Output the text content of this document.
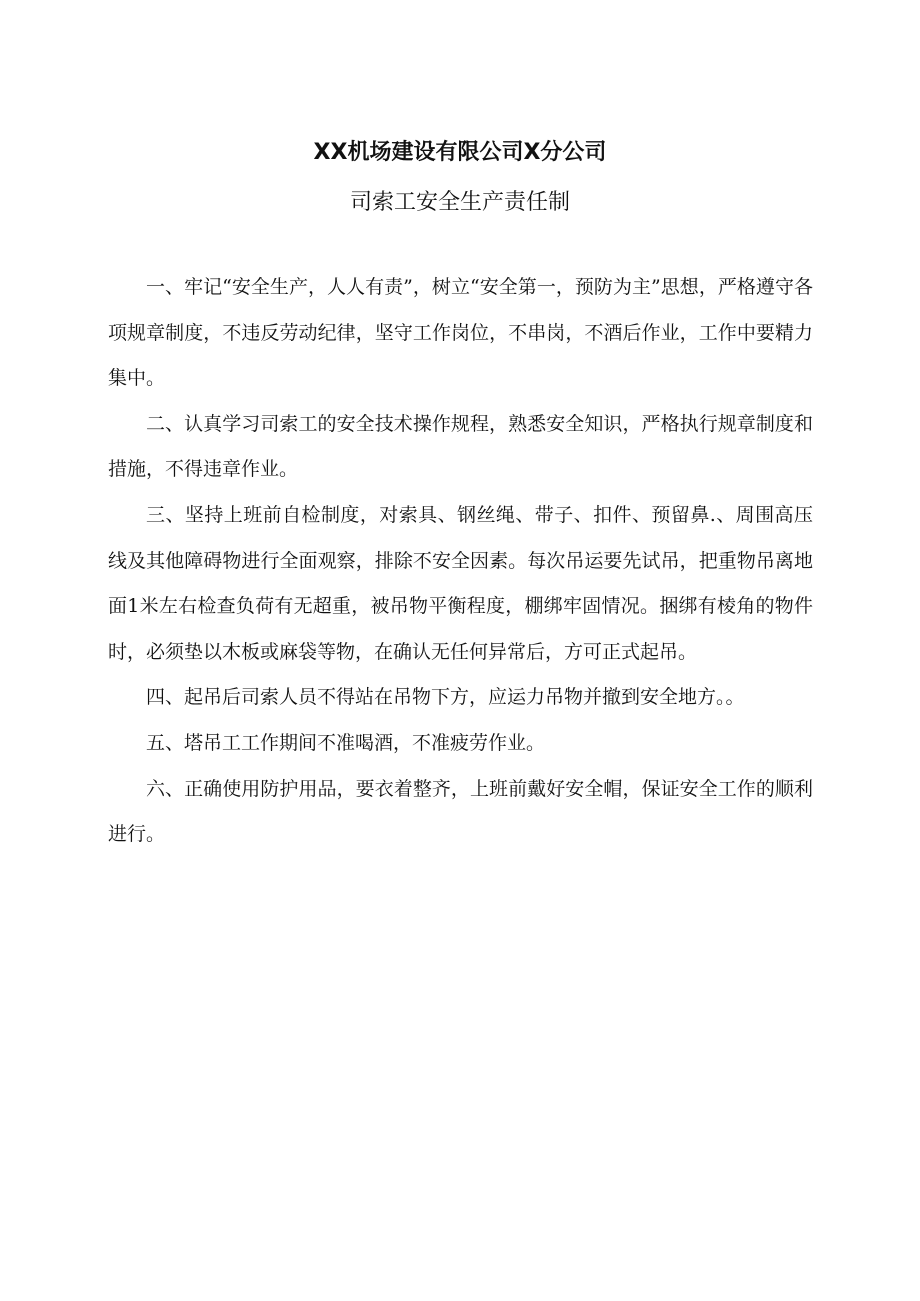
XX机场建设有限公司X分公司
司索工安全生产责任制

一、牢记“安全生产，人人有责”，树立“安全第一，预防为主”思想，严格遵守各项规章制度，不违反劳动纪律，坚守工作岗位，不串岗，不酒后作业，工作中要精力集中。

二、认真学习司索工的安全技术操作规程，熟悉安全知识，严格执行规章制度和措施，不得违章作业。

三、坚持上班前自检制度，对索具、钢丝绳、带子、扣件、预留鼻.、周围高压线及其他障碍物进行全面观察，排除不安全因素。每次吊运要先试吊，把重物吊离地面1米左右检查负荷有无超重，被吊物平衡程度，棚绑牢固情况。捆绑有棱角的物件时，必须垫以木板或麻袋等物，在确认无任何异常后，方可正式起吊。

四、起吊后司索人员不得站在吊物下方，应运力吊物并撤到安全地方。。

五、塔吊工工作期间不准喝酒，不准疲劳作业。

六、正确使用防护用品，要衣着整齐，上班前戴好安全帽，保证安全工作的顺利进行。
